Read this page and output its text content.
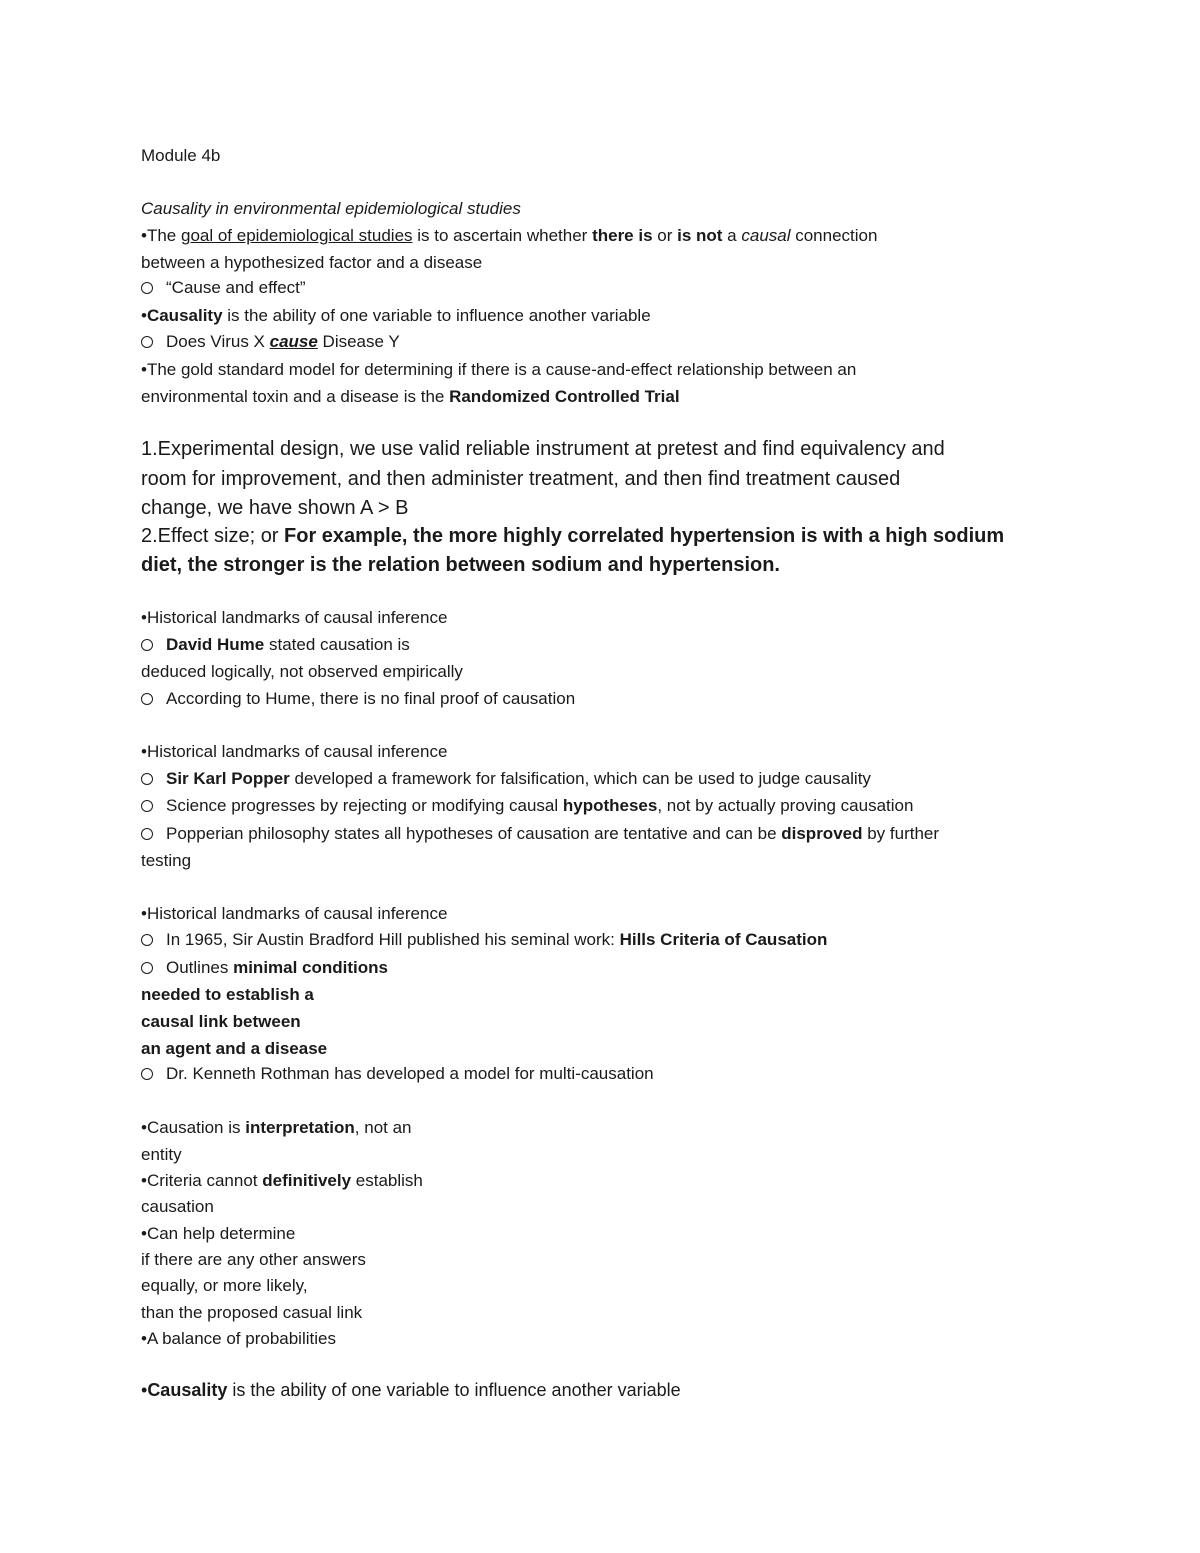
Module 4b
Causality in environmental epidemiological studies
•The goal of epidemiological studies is to ascertain whether there is or is not a causal connection
between a hypothesized factor and a disease
“Cause and effect”
•Causality is the ability of one variable to influence another variable
Does Virus X cause Disease Y
•The gold standard model for determining if there is a cause-and-effect relationship between an
environmental toxin and a disease is the Randomized Controlled Trial
1.Experimental design, we use valid reliable instrument at pretest and find equivalency and
room for improvement, and then administer treatment, and then find treatment caused
change, we have shown A > B
2.Effect size; or For example, the more highly correlated hypertension is with a high sodium
diet, the stronger is the relation between sodium and hypertension.
•Historical landmarks of causal inference
David Hume stated causation is
deduced logically, not observed empirically
According to Hume, there is no final proof of causation
•Historical landmarks of causal inference
Sir Karl Popper developed a framework for falsification, which can be used to judge causality
Science progresses by rejecting or modifying causal hypotheses, not by actually proving causation
Popperian philosophy states all hypotheses of causation are tentative and can be disproved by further
testing
•Historical landmarks of causal inference
In 1965, Sir Austin Bradford Hill published his seminal work: Hills Criteria of Causation
Outlines minimal conditions
needed to establish a
causal link between
an agent and a disease
Dr. Kenneth Rothman has developed a model for multi-causation
•Causation is interpretation, not an
entity
•Criteria cannot definitively establish
causation
•Can help determine
if there are any other answers
equally, or more likely,
than the proposed casual link
•A balance of probabilities
•Causality is the ability of one variable to influence another variable
